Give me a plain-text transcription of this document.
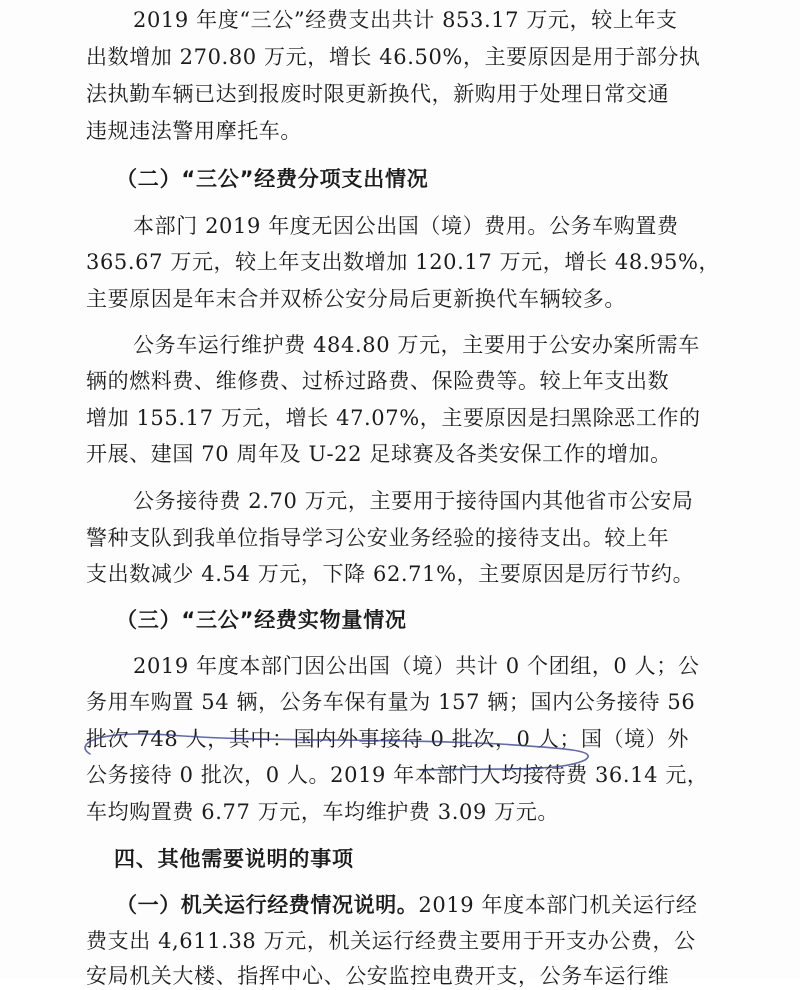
2019 年度“三公”经费支出共计 853.17 万元，较上年支
出数增加 270.80 万元，增长 46.50%，主要原因是用于部分执
法执勤车辆已达到报废时限更新换代，新购用于处理日常交通
违规违法警用摩托车。
（二）“三公”经费分项支出情况
本部门 2019 年度无因公出国（境）费用。公务车购置费
365.67 万元，较上年支出数增加 120.17 万元，增长 48.95%，
主要原因是年末合并双桥公安分局后更新换代车辆较多。
公务车运行维护费 484.80 万元，主要用于公安办案所需车
辆的燃料费、维修费、过桥过路费、保险费等。较上年支出数
增加 155.17 万元，增长 47.07%，主要原因是扫黑除恶工作的
开展、建国 70 周年及 U-22 足球赛及各类安保工作的增加。
公务接待费 2.70 万元，主要用于接待国内其他省市公安局
警种支队到我单位指导学习公安业务经验的接待支出。较上年
支出数减少 4.54 万元，下降 62.71%，主要原因是厉行节约。
（三）“三公”经费实物量情况
2019 年度本部门因公出国（境）共计 0 个团组，0 人；公
务用车购置 54 辆，公务车保有量为 157 辆；国内公务接待 56
批次 748 人，其中：国内外事接待 0 批次，0 人；国（境）外
公务接待 0 批次，0 人。2019 年本部门人均接待费 36.14 元，
车均购置费 6.77 万元，车均维护费 3.09 万元。
四、其他需要说明的事项
（一）机关运行经费情况说明。2019 年度本部门机关运行经
费支出 4,611.38 万元，机关运行经费主要用于开支办公费，公
安局机关大楼、指挥中心、公安监控电费开支，公务车运行维
